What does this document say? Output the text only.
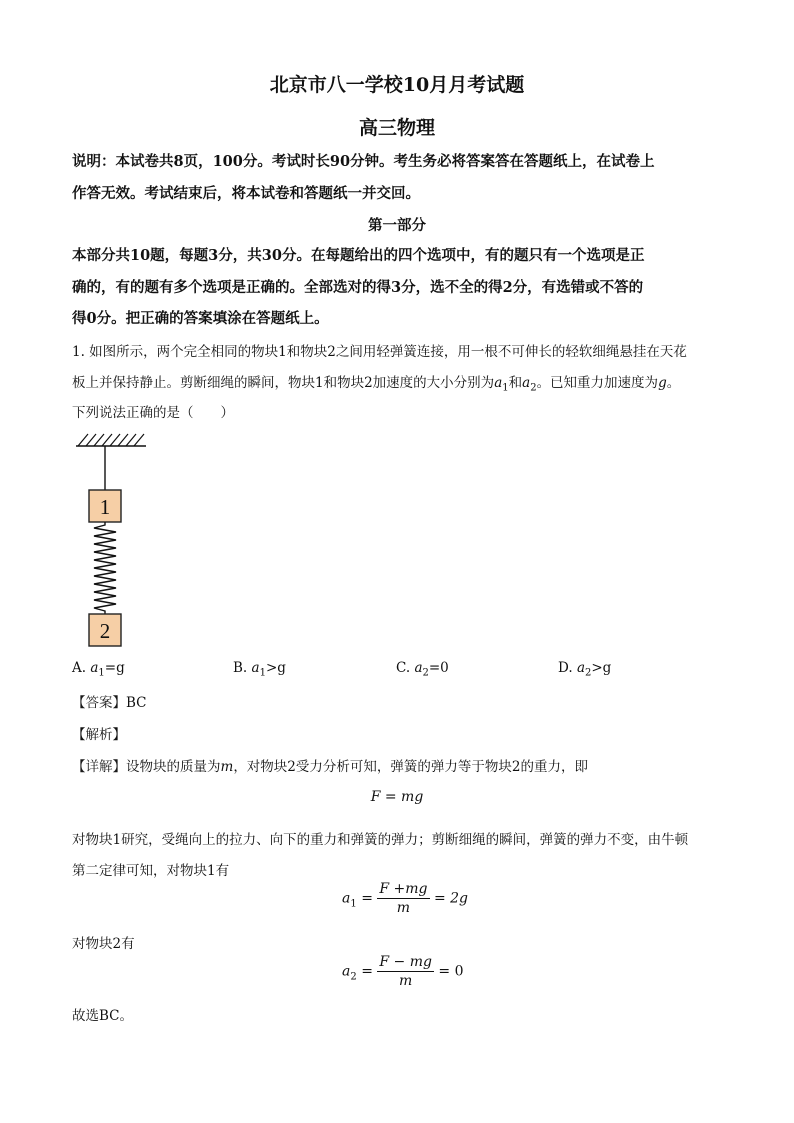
北京市八一学校10月月考试题
高三物理
说明：本试卷共8页，100分。考试时长90分钟。考生务必将答案答在答题纸上，在试卷上
作答无效。考试结束后，将本试卷和答题纸一并交回。
第一部分
本部分共10题，每题3分，共30分。在每题给出的四个选项中，有的题只有一个选项是正
确的，有的题有多个选项是正确的。全部选对的得3分，选不全的得2分，有选错或不答的
得0分。把正确的答案填涂在答题纸上。
1. 如图所示，两个完全相同的物块1和物块2之间用轻弹簧连接，用一根不可伸长的轻软细绳悬挂在天花
板上并保持静止。剪断细绳的瞬间，物块1和物块2加速度的大小分别为$a_1$和$a_2$。已知重力加速度为g。
下列说法正确的是（　　）
1
2
A. $a_1=g$	B. $a_1>g$	C. $a_2=0$	D. $a_2>g$
【答案】BC
【解析】
【详解】设物块的质量为m，对物块2受力分析可知，弹簧的弹力等于物块2的重力，即
F = mg
对物块1研究，受绳向上的拉力、向下的重力和弹簧的弹力；剪断细绳的瞬间，弹簧的弹力不变，由牛顿
第二定律可知，对物块1有
$a_1 = \frac{F +mg}{m} = 2g$
对物块2有
$a_2 = \frac{F - mg}{m} = 0$
故选BC。
